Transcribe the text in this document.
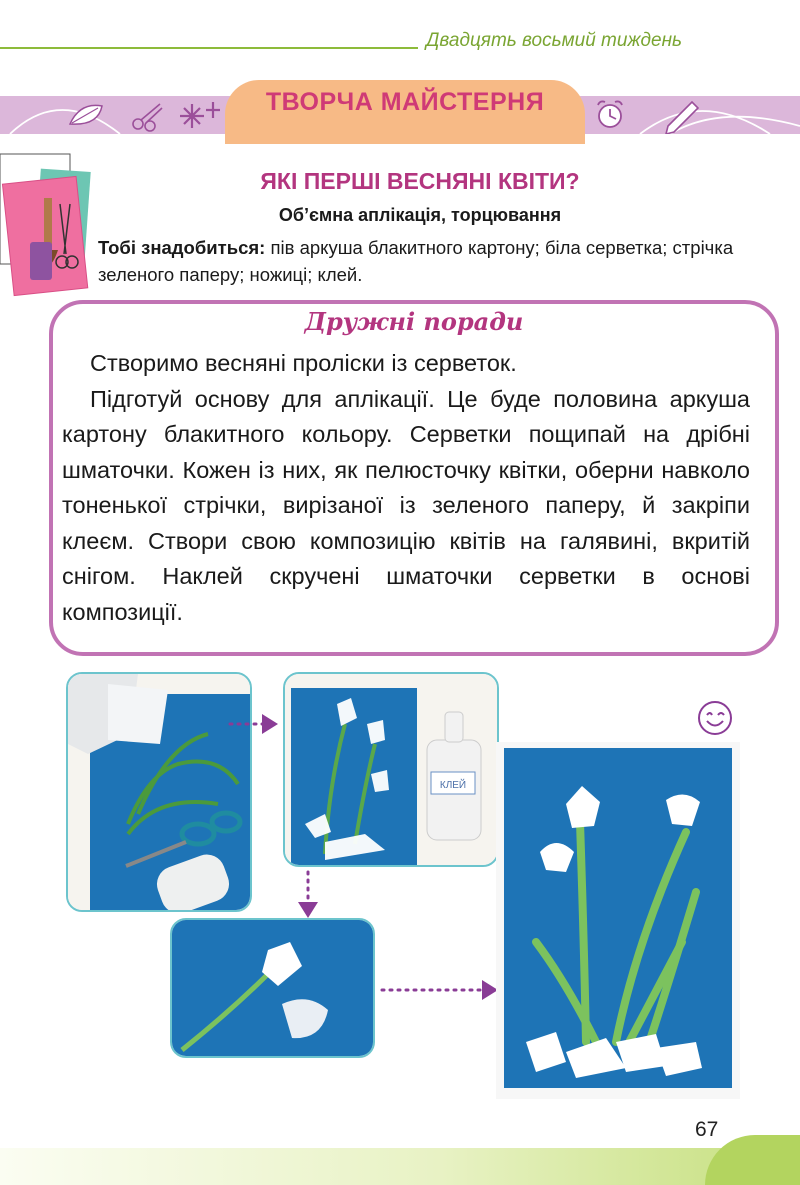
Двадцять восьмий тиждень
ТВОРЧА МАЙСТЕРНЯ
ЯКІ ПЕРШІ ВЕСНЯНІ КВІТИ?
Об’ємна аплікація, торцювання
Тобі знадобиться: пів аркуша блакитного картону; біла серветка; стрічка зеленого паперу; ножиці; клей.
Дружні поради

Створимо весняні проліски із серветок.

Підготуй основу для аплікації. Це буде половина аркуша картону блакитного кольору. Серветки пощипай на дрібні шматочки. Кожен із них, як пелюсточку квітки, оберни навколо тоненької стрічки, вирізаної із зеленого паперу, й закріпи клеєм. Створи свою композицію квітів на галявині, вкритій снігом. Наклей скручені шматочки серветки в основі композиції.

КЛЕЙ
67
